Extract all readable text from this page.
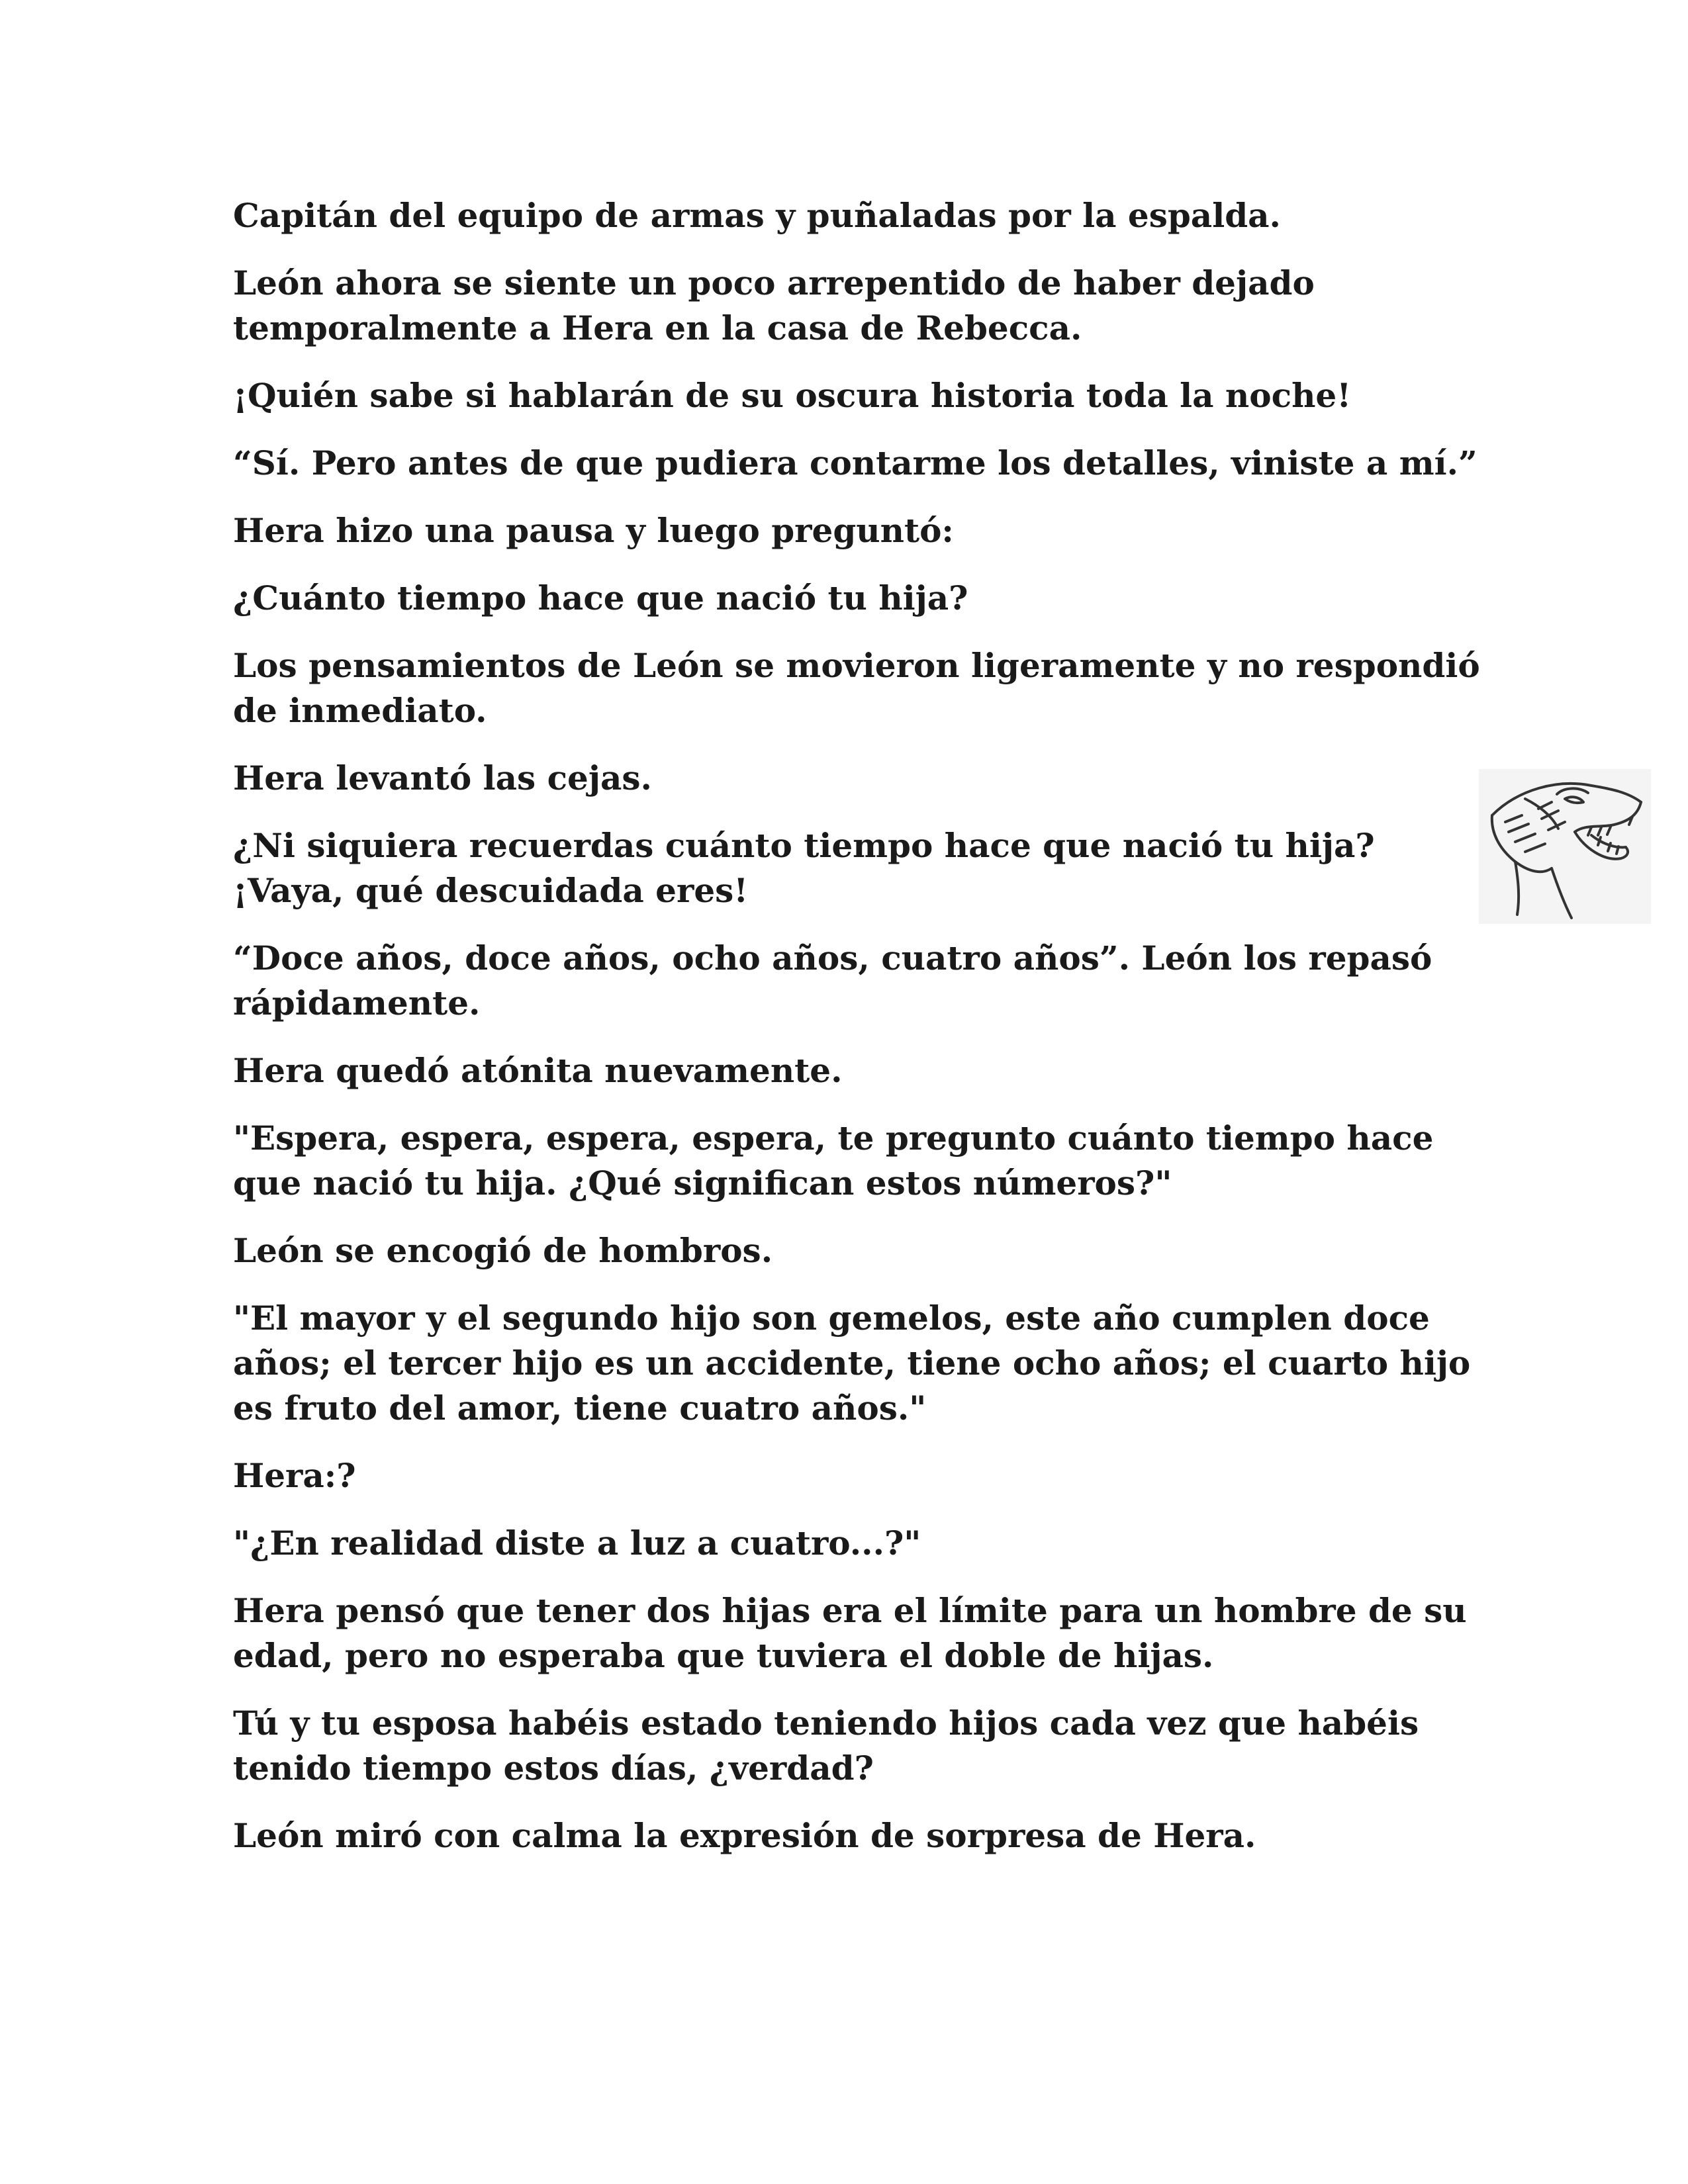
Capitán del equipo de armas y puñaladas por la espalda.

León ahora se siente un poco arrepentido de haber dejado temporalmente a Hera en la casa de Rebecca.

¡Quién sabe si hablarán de su oscura historia toda la noche!

“Sí. Pero antes de que pudiera contarme los detalles, viniste a mí.”

Hera hizo una pausa y luego preguntó:

¿Cuánto tiempo hace que nació tu hija?

Los pensamientos de León se movieron ligeramente y no respondió de inmediato.

Hera levantó las cejas.

¿Ni siquiera recuerdas cuánto tiempo hace que nació tu hija? ¡Vaya, qué descuidada eres!

“Doce años, doce años, ocho años, cuatro años”. León los repasó rápidamente.

Hera quedó atónita nuevamente.

"Espera, espera, espera, espera, te pregunto cuánto tiempo hace que nació tu hija. ¿Qué significan estos números?"

León se encogió de hombros.

"El mayor y el segundo hijo son gemelos, este año cumplen doce años; el tercer hijo es un accidente, tiene ocho años; el cuarto hijo es fruto del amor, tiene cuatro años."

Hera:?

"¿En realidad diste a luz a cuatro...?"

Hera pensó que tener dos hijas era el límite para un hombre de su edad, pero no esperaba que tuviera el doble de hijas.

Tú y tu esposa habéis estado teniendo hijos cada vez que habéis tenido tiempo estos días, ¿verdad?

León miró con calma la expresión de sorpresa de Hera.
